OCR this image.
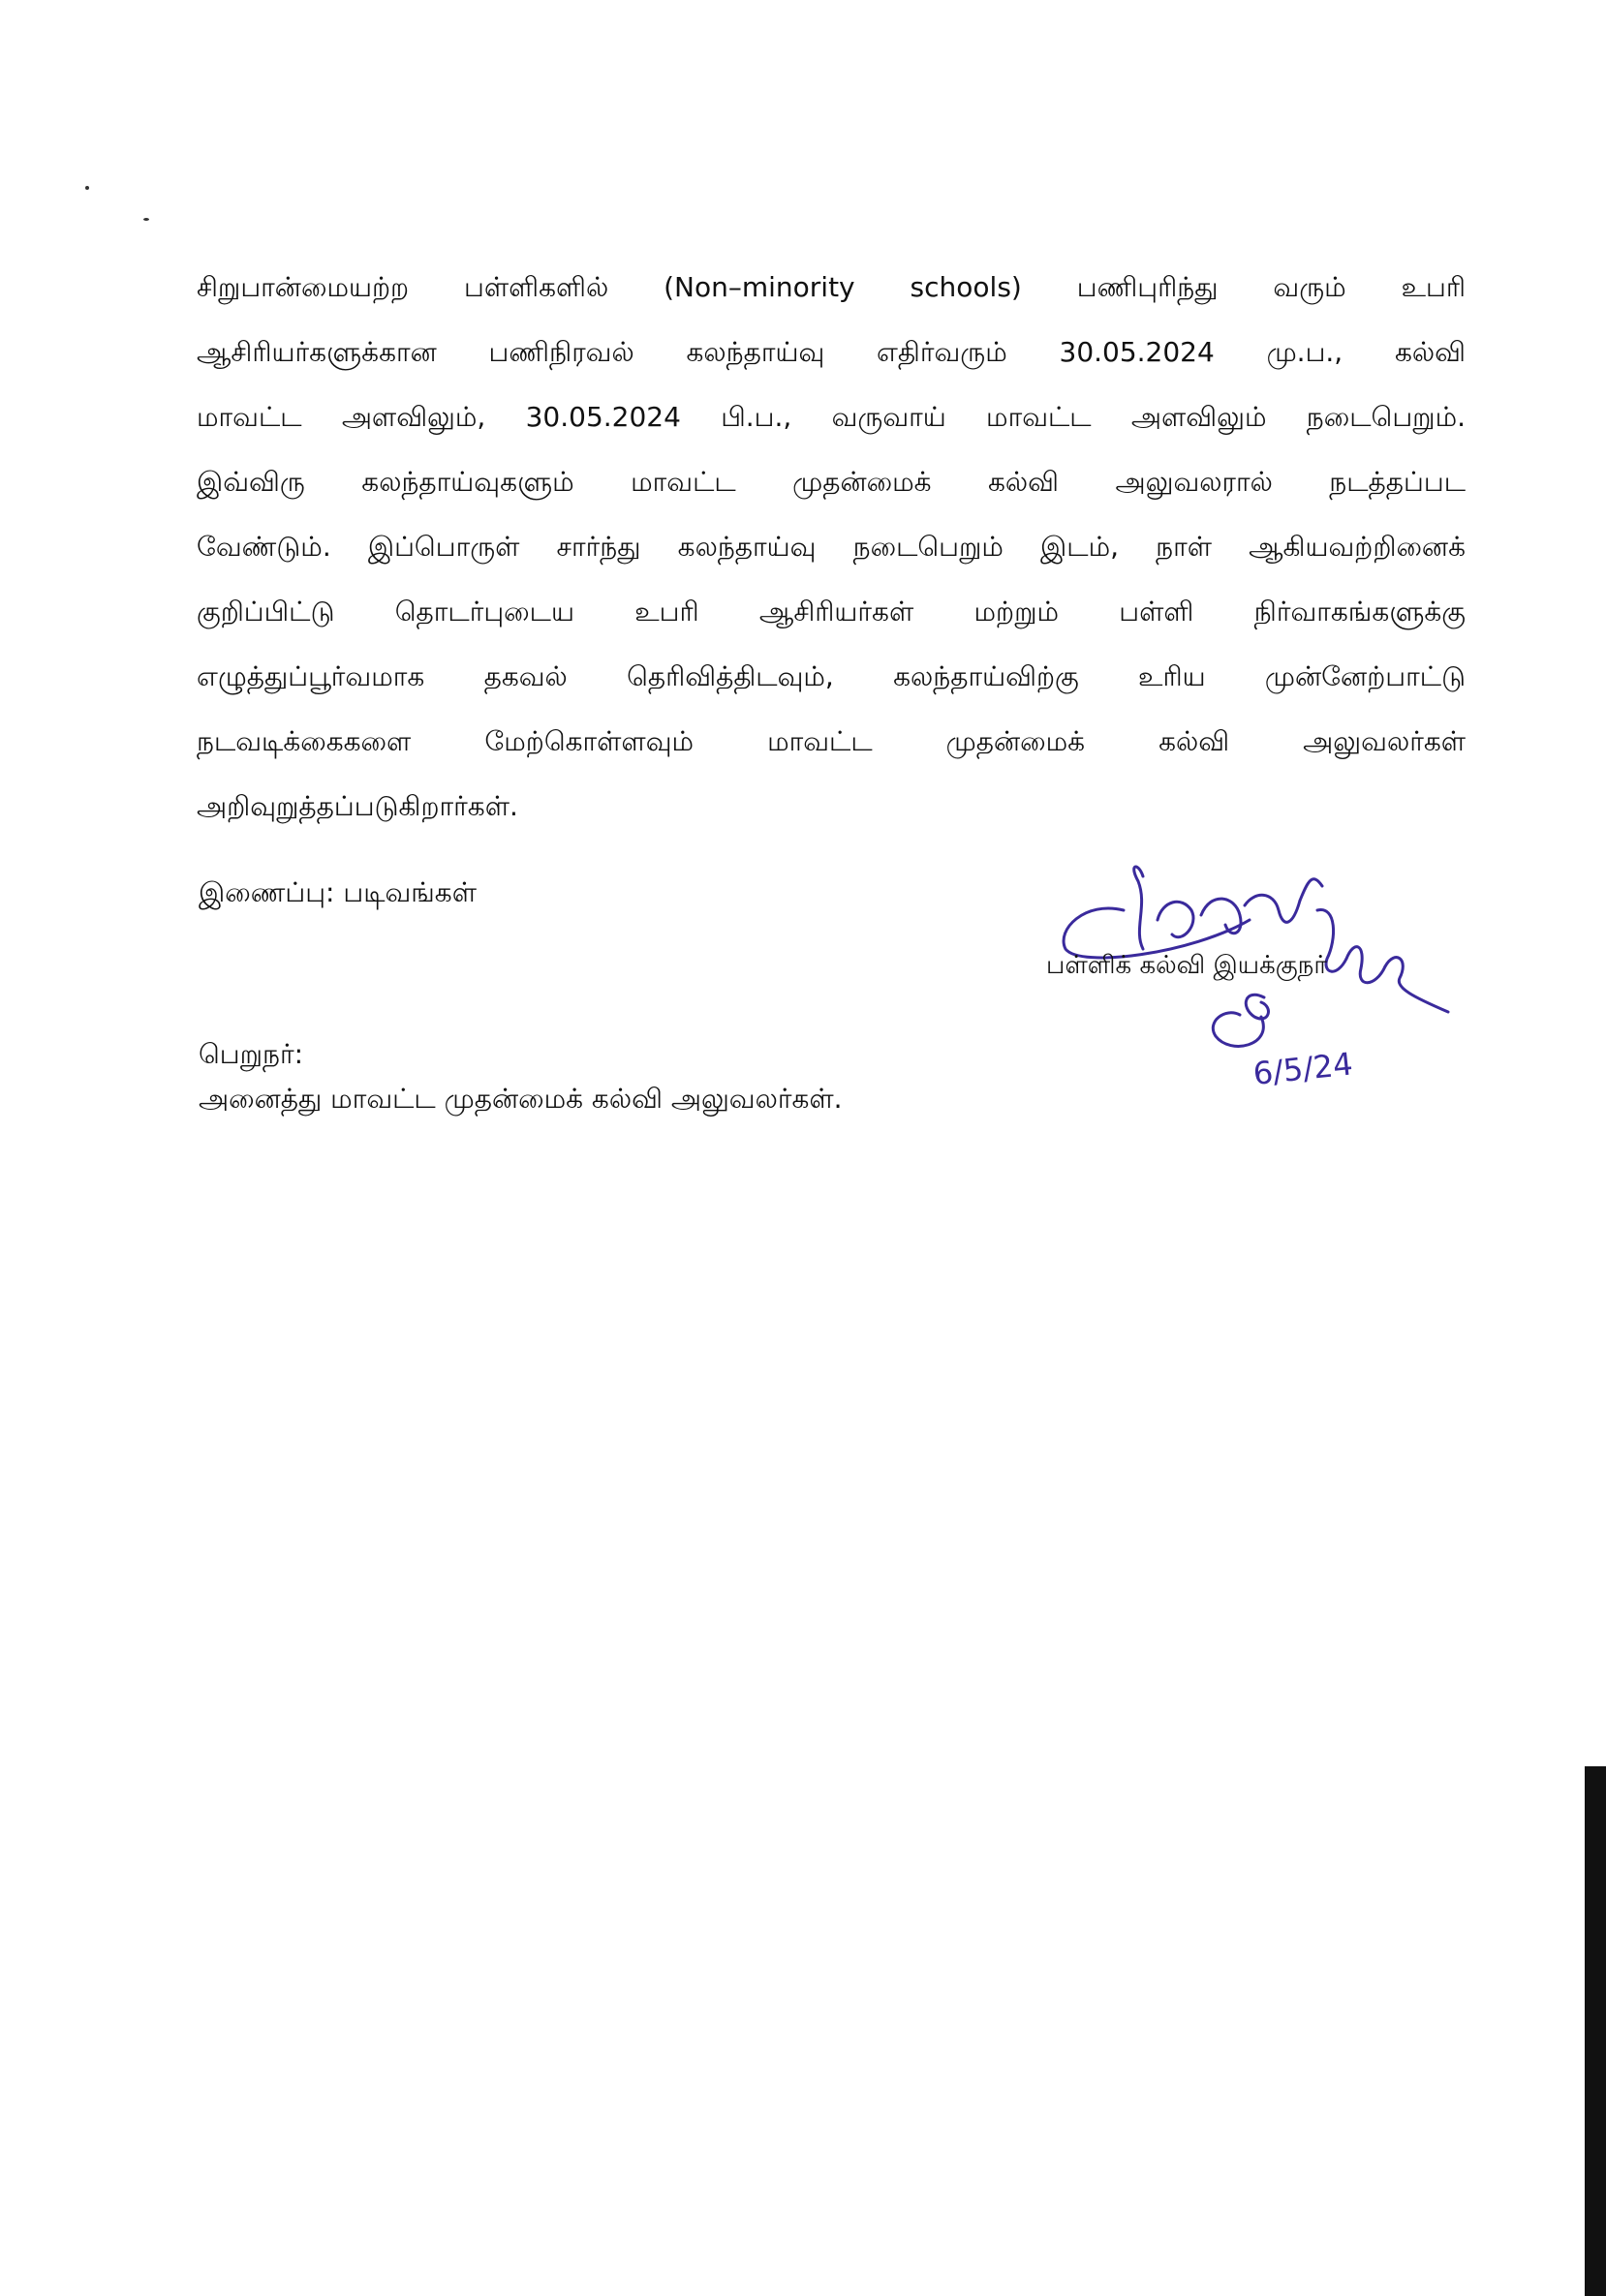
சிறுபான்மையற்ற பள்ளிகளில் (Non–minority schools) பணிபுரிந்து வரும் உபரி
ஆசிரியர்களுக்கான பணிநிரவல் கலந்தாய்வு எதிர்வரும் 30.05.2024 மு.ப., கல்வி
மாவட்ட அளவிலும், 30.05.2024 பி.ப., வருவாய் மாவட்ட அளவிலும் நடைபெறும்.
இவ்விரு கலந்தாய்வுகளும் மாவட்ட முதன்மைக் கல்வி அலுவலரால் நடத்தப்பட
வேண்டும். இப்பொருள் சார்ந்து கலந்தாய்வு நடைபெறும் இடம், நாள் ஆகியவற்றினைக்
குறிப்பிட்டு தொடர்புடைய உபரி ஆசிரியர்கள் மற்றும் பள்ளி நிர்வாகங்களுக்கு
எழுத்துப்பூர்வமாக தகவல் தெரிவித்திடவும், கலந்தாய்விற்கு உரிய முன்னேற்பாட்டு
நடவடிக்கைகளை மேற்கொள்ளவும் மாவட்ட முதன்மைக் கல்வி அலுவலர்கள்
அறிவுறுத்தப்படுகிறார்கள்.
இணைப்பு: படிவங்கள்
6/5/24
பள்ளிக் கல்வி இயக்குநர்
பெறுநர்:
அனைத்து மாவட்ட முதன்மைக் கல்வி அலுவலர்கள்.
